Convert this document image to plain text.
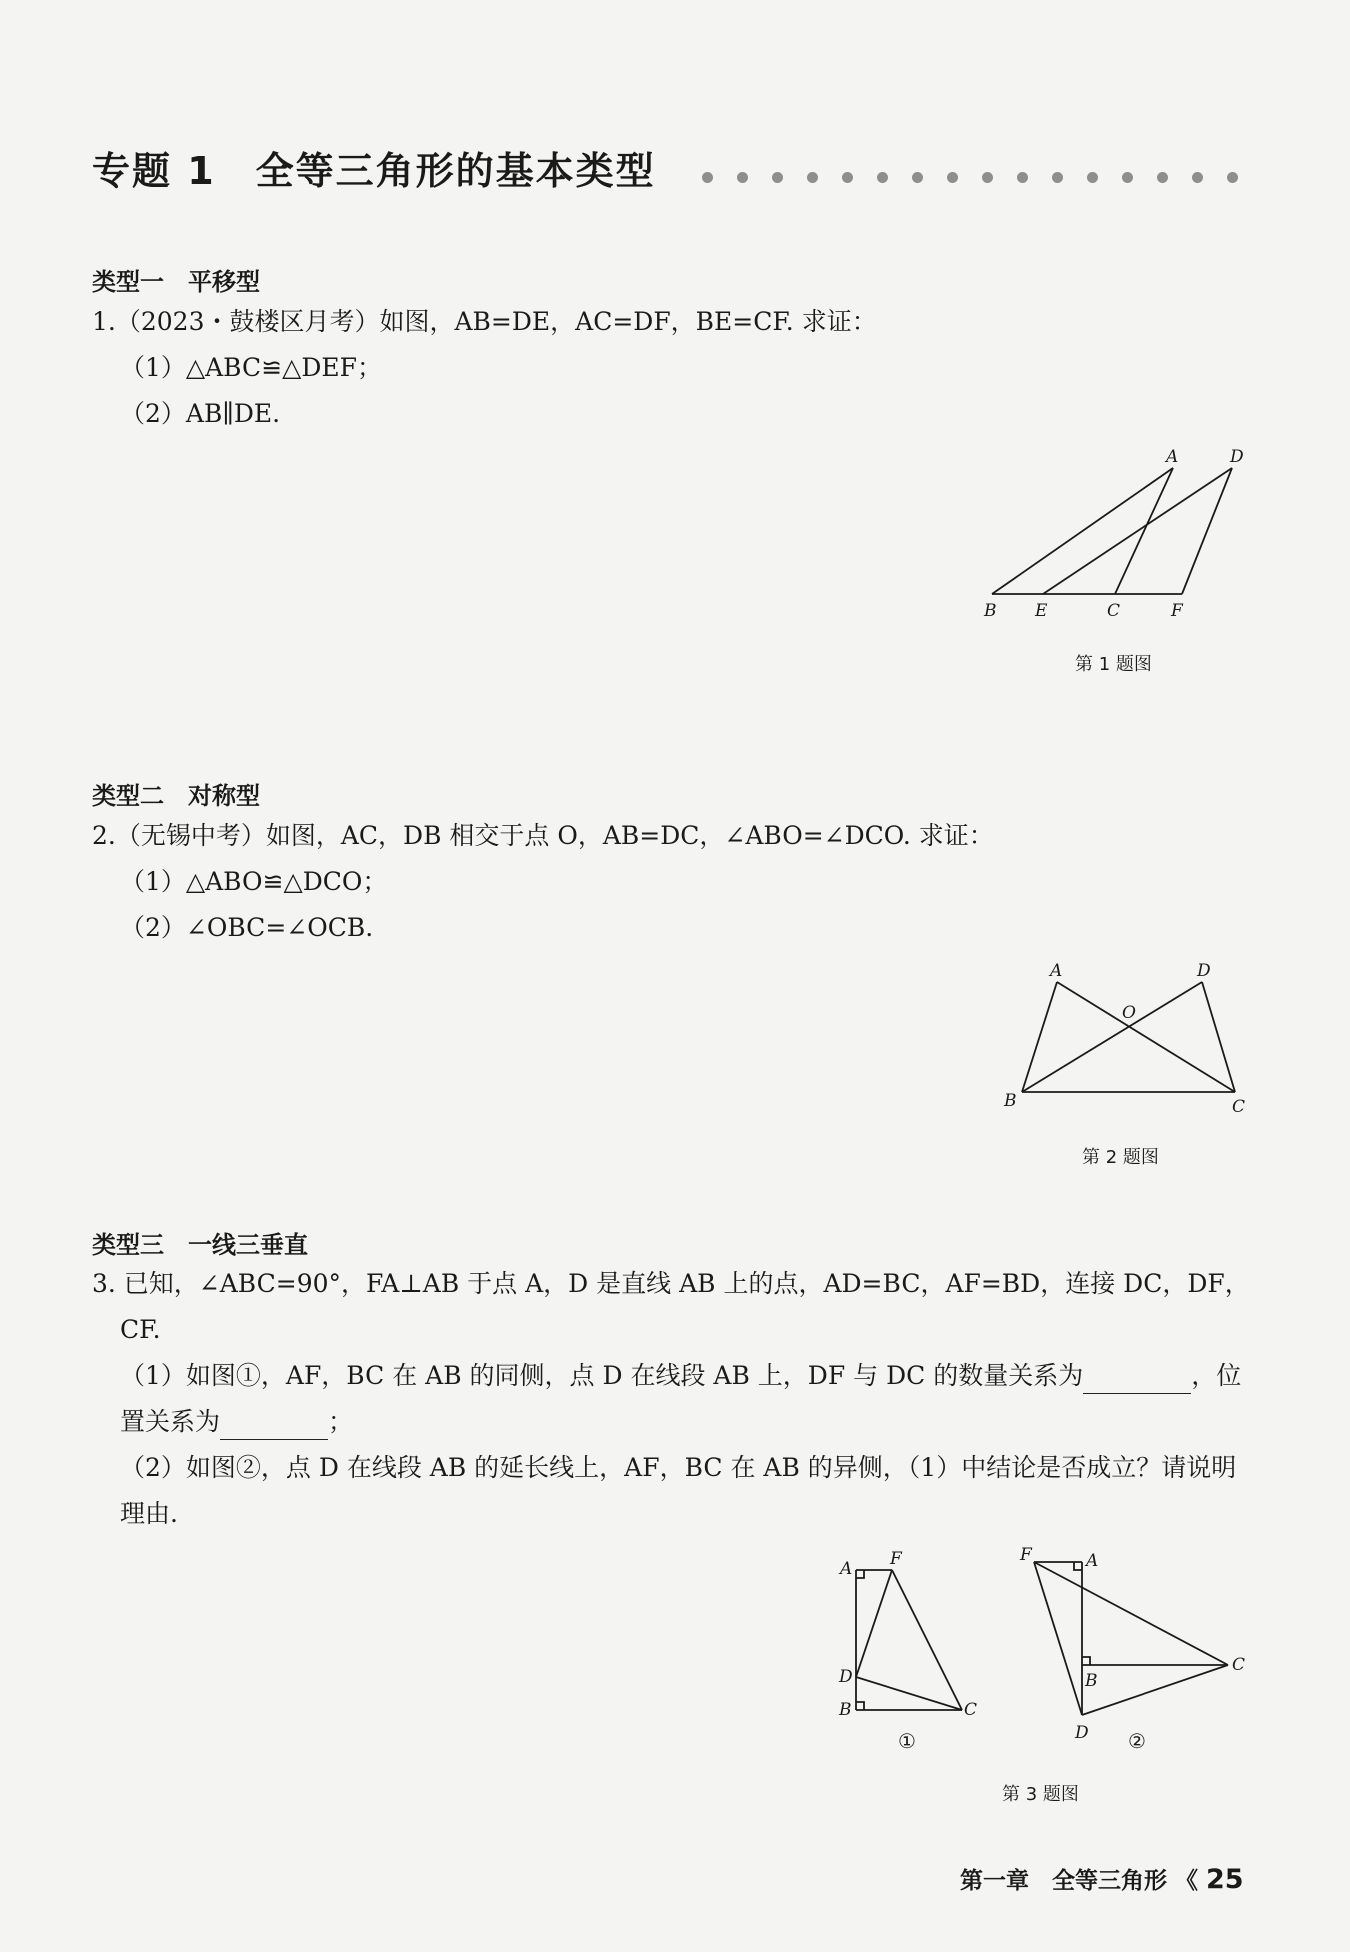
专题 1　全等三角形的基本类型
类型一　平移型
1.（2023・鼓楼区月考）如图，AB=DE，AC=DF，BE=CF. 求证：
（1）△ABC≌△DEF；
（2）AB∥DE.
A	D
B E	C	F
第 1 题图
类型二　对称型
2.（无锡中考）如图，AC，DB 相交于点 O，AB=DC，∠ABO=∠DCO. 求证：
（1）△ABO≌△DCO；
（2）∠OBC=∠OCB.
A	D
O
B	C
第 2 题图
类型三　一线三垂直
3. 已知，∠ABC=90°，FA⊥AB 于点 A，D 是直线 AB 上的点，AD=BC，AF=BD，连接 DC，DF，
CF.
（1）如图①，AF，BC 在 AB 的同侧，点 D 在线段 AB 上，DF 与 DC 的数量关系为	，位
置关系为	；
（2）如图②，点 D 在线段 AB 的延长线上，AF，BC 在 AB 的异侧，（1）中结论是否成立？请说明
理由.
A F
D
B	C
①
F	A
B
C
D ②
第 3 题图
第一章　全等三角形 《 25
